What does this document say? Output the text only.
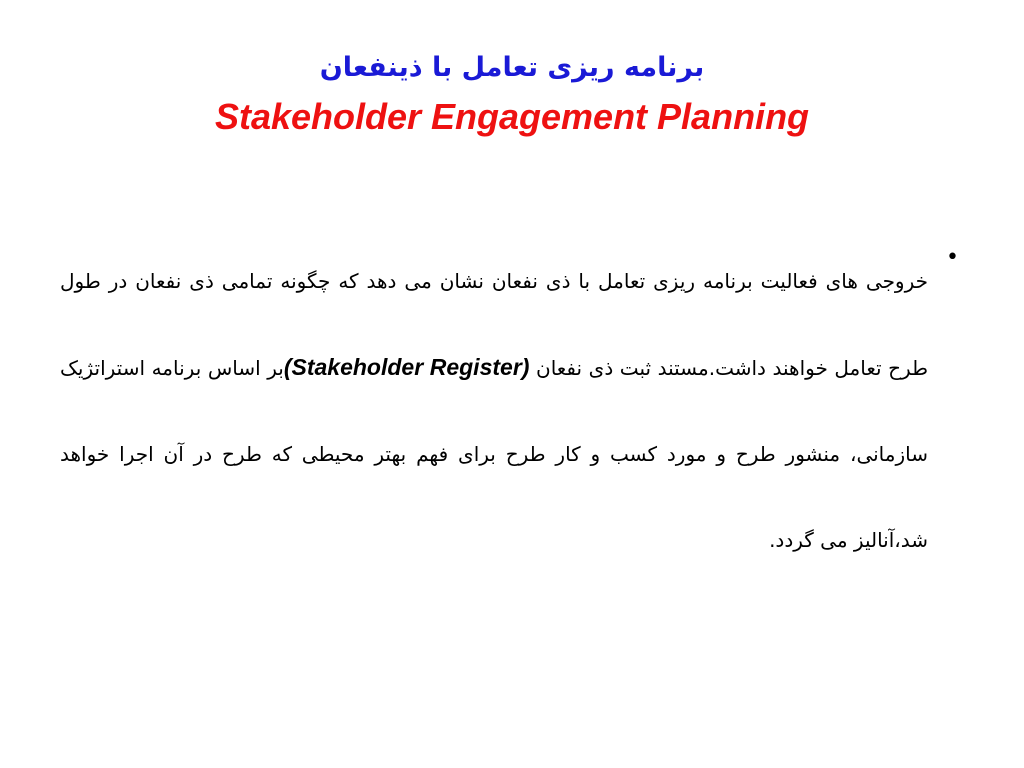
برنامه ریزی تعامل با ذینفعان
Stakeholder Engagement Planning
•
خروجی های فعالیت برنامه ریزی تعامل با ذی نفعان نشان می دهد که چگونه تمامی ذی نفعان در طول طرح تعامل خواهند داشت.مستند ثبت ذی نفعان (Stakeholder Register)بر اساس برنامه استراتژیک سازمانی، منشور طرح و مورد کسب و کار طرح برای فهم بهتر محیطی که طرح در آن اجرا خواهد شد،آنالیز می گردد.
